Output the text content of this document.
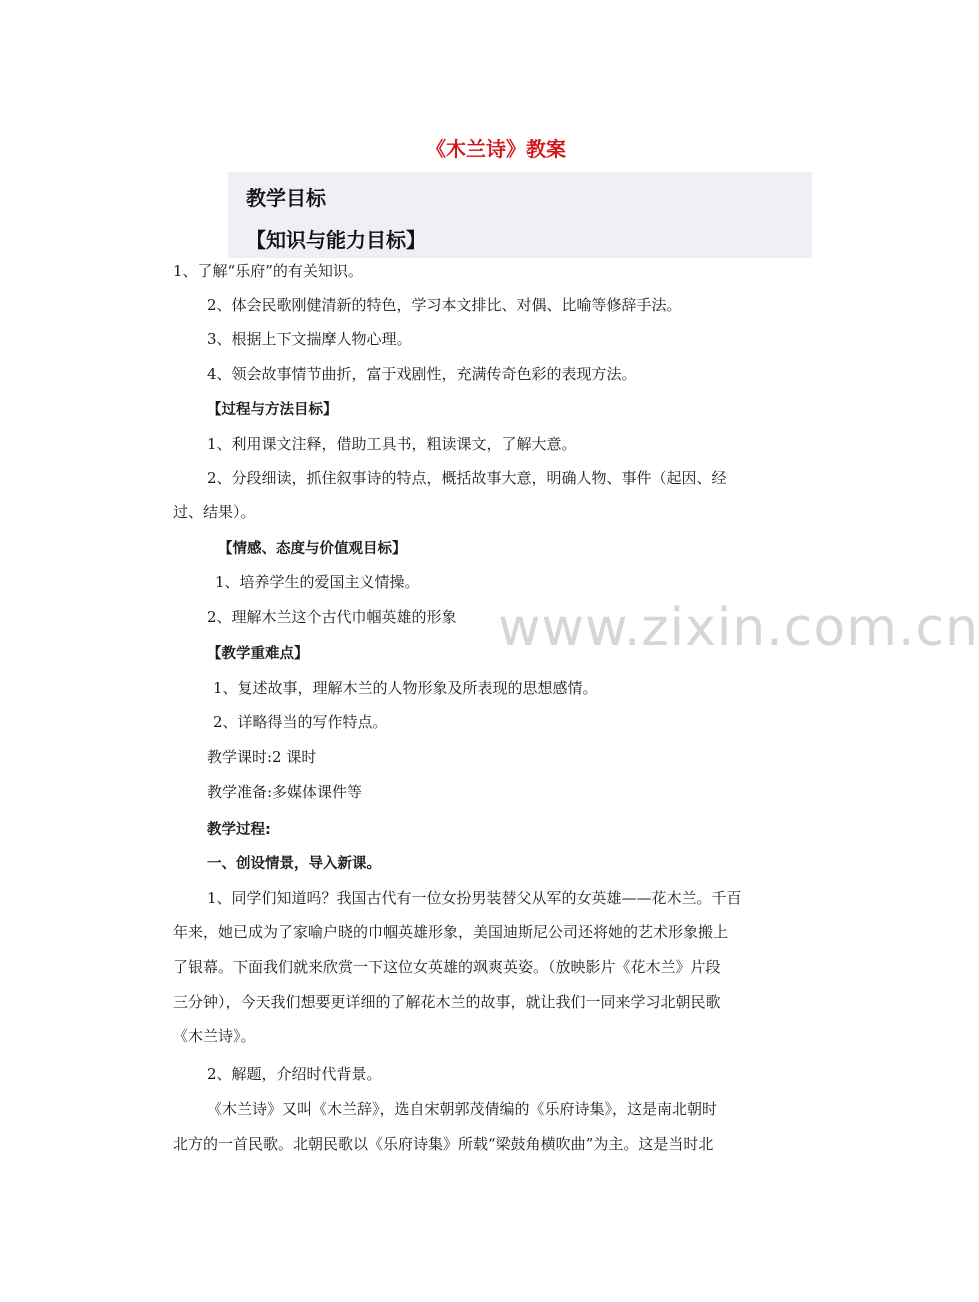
《木兰诗》教案
教学目标
【知识与能力目标】
1、了解“乐府”的有关知识。
2、体会民歌刚健清新的特色，学习本文排比、对偶、比喻等修辞手法。
3、根据上下文揣摩人物心理。
4、领会故事情节曲折，富于戏剧性，充满传奇色彩的表现方法。
【过程与方法目标】
1、利用课文注释，借助工具书，粗读课文，了解大意。
2、分段细读，抓住叙事诗的特点，概括故事大意，明确人物、事件（起因、经
过、结果）。
【情感、态度与价值观目标】
1、培养学生的爱国主义情操。
2、理解木兰这个古代巾帼英雄的形象 www.zixin.com.cn
【教学重难点】
1、复述故事，理解木兰的人物形象及所表现的思想感情。
2、详略得当的写作特点。
教学课时:2 课时
教学准备:多媒体课件等
教学过程:
一、创设情景，导入新课。
1、同学们知道吗？我国古代有一位女扮男装替父从军的女英雄——花木兰。千百
年来，她已成为了家喻户晓的巾帼英雄形象，美国迪斯尼公司还将她的艺术形象搬上
了银幕。下面我们就来欣赏一下这位女英雄的飒爽英姿。（放映影片《花木兰》片段
三分钟），今天我们想要更详细的了解花木兰的故事，就让我们一同来学习北朝民歌
《木兰诗》。
2、解题，介绍时代背景。
《木兰诗》又叫《木兰辞》，选自宋朝郭茂倩编的《乐府诗集》，这是南北朝时
北方的一首民歌。北朝民歌以《乐府诗集》所载“梁鼓角横吹曲”为主。这是当时北
